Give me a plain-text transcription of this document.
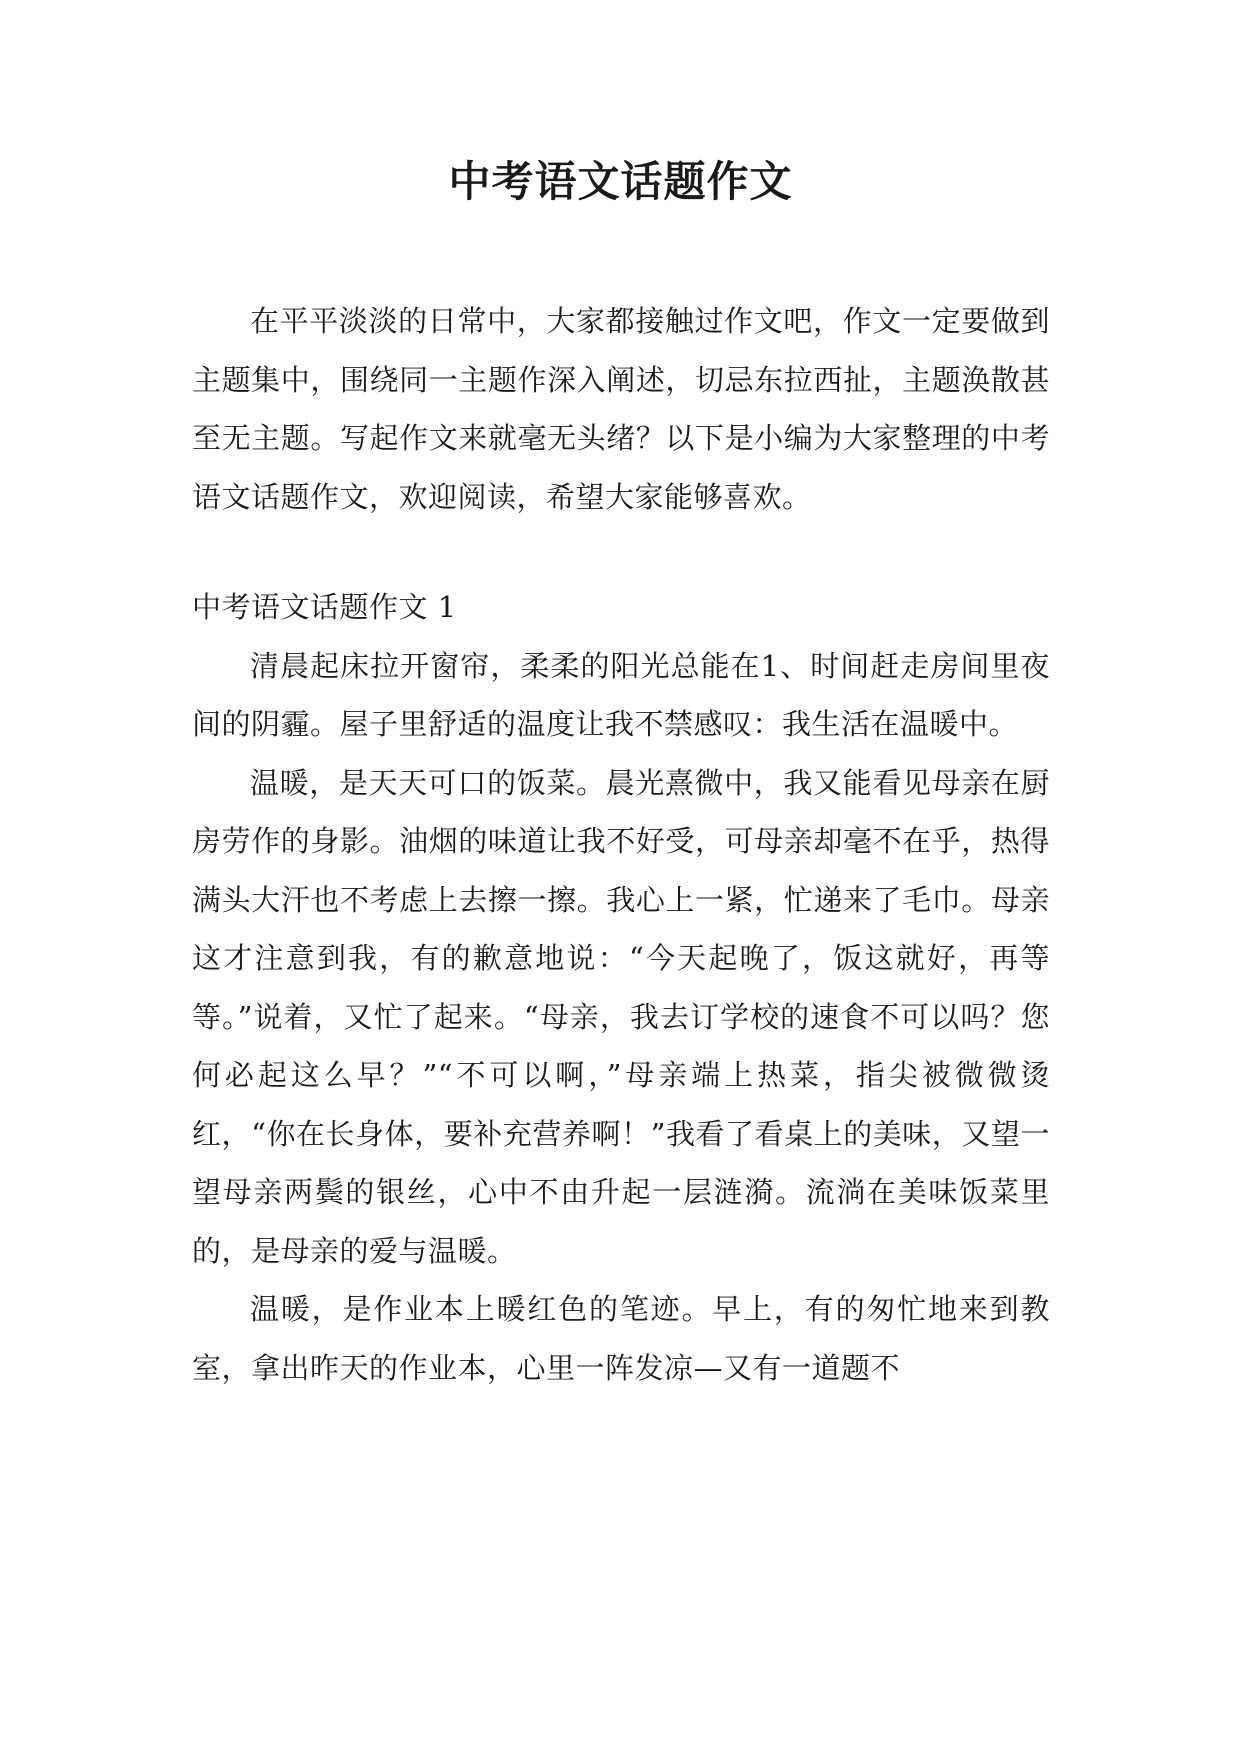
中考语文话题作文

在平平淡淡的日常中，大家都接触过作文吧，作文一定要做到主题集中，围绕同一主题作深入阐述，切忌东拉西扯，主题涣散甚至无主题。写起作文来就毫无头绪？以下是小编为大家整理的中考语文话题作文，欢迎阅读，希望大家能够喜欢。

中考语文话题作文 1

清晨起床拉开窗帘，柔柔的阳光总能在1、时间赶走房间里夜间的阴霾。屋子里舒适的温度让我不禁感叹：我生活在温暖中。

温暖，是天天可口的饭菜。晨光熹微中，我又能看见母亲在厨房劳作的身影。油烟的味道让我不好受，可母亲却毫不在乎，热得满头大汗也不考虑上去擦一擦。我心上一紧，忙递来了毛巾。母亲这才注意到我，有的歉意地说：“今天起晚了，饭这就好，再等等。”说着，又忙了起来。“母亲，我去订学校的速食不可以吗？您何必起这么早？”“不可以啊，”母亲端上热菜，指尖被微微烫红，“你在长身体，要补充营养啊！”我看了看桌上的美味，又望一望母亲两鬓的银丝，心中不由升起一层涟漪。流淌在美味饭菜里的，是母亲的爱与温暖。

温暖，是作业本上暖红色的笔迹。早上，有的匆忙地来到教室，拿出昨天的作业本，心里一阵发凉—又有一道题不
